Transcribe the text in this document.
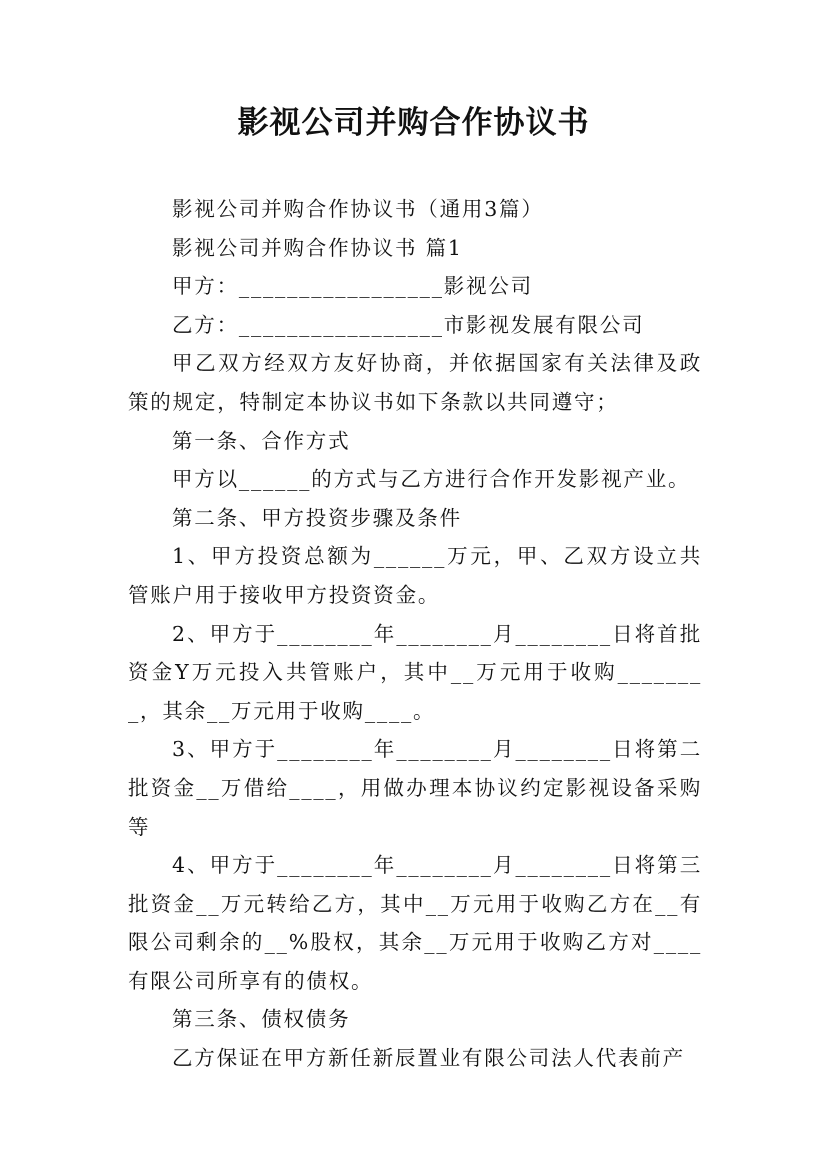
影视公司并购合作协议书

影视公司并购合作协议书（通用3篇）

影视公司并购合作协议书 篇1

甲方：_________________影视公司

乙方：_________________市影视发展有限公司

甲乙双方经双方友好协商，并依据国家有关法律及政策的规定，特制定本协议书如下条款以共同遵守；

第一条、合作方式

甲方以______的方式与乙方进行合作开发影视产业。

第二条、甲方投资步骤及条件

1、甲方投资总额为______万元，甲、乙双方设立共管账户用于接收甲方投资资金。

2、甲方于________年________月________日将首批资金Y万元投入共管账户，其中__万元用于收购________，其余__万元用于收购____。

3、甲方于________年________月________日将第二批资金__万借给____，用做办理本协议约定影视设备采购等

4、甲方于________年________月________日将第三批资金__万元转给乙方，其中__万元用于收购乙方在__有限公司剩余的__%股权，其余__万元用于收购乙方对____有限公司所享有的债权。

第三条、债权债务

乙方保证在甲方新任新辰置业有限公司法人代表前产
